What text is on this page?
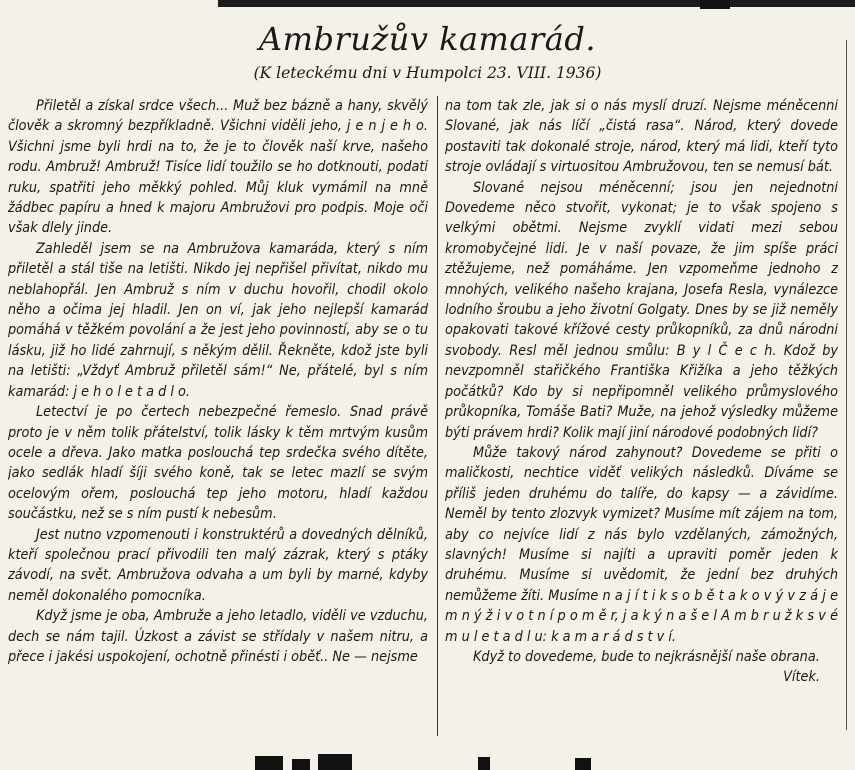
Ambružův kamarád.
(K leteckému dni v Humpolci 23. VIII. 1936)

Přiletěl a získal srdce všech... Muž bez bázně a hany, skvělý člověk a skromný bezpříkladně. Všichni viděli jeho, j e n j e h o. Všichni jsme byli hrdi na to, že je to člověk naší krve, našeho rodu. Ambruž! Ambruž! Tisíce lidí toužilo se ho dotknouti, podati ruku, spatřiti jeho měkký pohled. Můj kluk vymámil na mně žádbec papíru a hned k majoru Ambružovi pro podpis. Moje oči však dlely jinde.

Zahleděl jsem se na Ambružova kamaráda, který s ním přiletěl a stál tiše na letišti. Nikdo jej nepřišel přivítat, nikdo mu neblahopřál. Jen Ambruž s ním v duchu hovořil, chodil okolo něho a očima jej hladil. Jen on ví, jak jeho nejlepší kamarád pomáhá v těžkém povolání a že jest jeho povinností, aby se o tu lásku, již ho lidé zahrnují, s někým dělil. Řekněte, kdož jste byli na letišti: „Vždyť Ambruž přiletěl sám!“ Ne, přátelé, byl s ním kamarád: j e h o l e t a d l o.

Letectví je po čertech nebezpečné řemeslo. Snad právě proto je v něm tolik přátelství, tolik lásky k těm mrtvým kusům ocele a dřeva. Jako matka poslouchá tep srdečka svého dítěte, jako sedlák hladí šíji svého koně, tak se letec mazlí se svým ocelovým ořem, poslouchá tep jeho motoru, hladí každou součástku, než se s ním pustí k nebesům.

Jest nutno vzpomenouti i konstruktérů a dovedných dělníků, kteří společnou prací přivodili ten malý zázrak, který s ptáky závodí, na svět. Ambružova odvaha a um byli by marné, kdyby neměl dokonalého pomocníka.

Když jsme je oba, Ambruže a jeho letadlo, viděli ve vzduchu, dech se nám tajil. Úzkost a závist se střídaly v našem nitru, a přece i jakési uspokojení, ochotně přinésti i oběť.. Ne — nejsme

na tom tak zle, jak si o nás myslí druzí. Nejsme méněcenní Slované, jak nás líčí „čistá rasa“. Národ, který dovede postaviti tak dokonalé stroje, národ, který má lidi, kteří tyto stroje ovládají s virtuositou Ambružovou, ten se nemusí bát.

Slované nejsou méněcenní; jsou jen nejednotní Dovedeme něco stvořit, vykonat; je to však spojeno s velkými obětmi. Nejsme zvyklí vidati mezi sebou kromobyčejné lidi. Je v naší povaze, že jim spíše práci ztěžujeme, než pomáháme. Jen vzpomeňme jednoho z mnohých, velikého našeho krajana, Josefa Resla, vynálezce lodního šroubu a jeho životní Golgaty. Dnes by se již neměly opakovati takové křížové cesty průkopníků, za dnů národní svobody. Resl měl jednou smůlu: B y l Č e c h. Kdož by nevzpomněl stařičkého Františka Křižíka a jeho těžkých počátků? Kdo by si nepřipomněl velikého průmyslového průkopníka, Tomáše Bati? Muže, na jehož výsledky můžeme býti právem hrdi? Kolik mají jiní národové podobných lidí?

Může takový národ zahynout? Dovedeme se přiti o maličkosti, nechtice viděť velikých následků. Díváme se příliš jeden druhému do talíře, do kapsy — a závidíme. Neměl by tento zlozvyk vymizet? Musíme mít zájem na tom, aby co nejvíce lidí z nás bylo vzdělaných, zámožných, slavných! Musíme si najíti a upraviti poměr jeden k druhému. Musíme si uvědomit, že jední bez druhých nemůžeme žíti. Musíme n a j í t i k s o b ě t a k o v ý v z á j e m n ý ž i v o t n í p o m ě r, j a k ý n a š e l A m b r u ž k s v é m u l e t a d l u: k a m a r á d s t v í.

Když to dovedeme, bude to nejkrásnější naše obrana.

Vítek.
